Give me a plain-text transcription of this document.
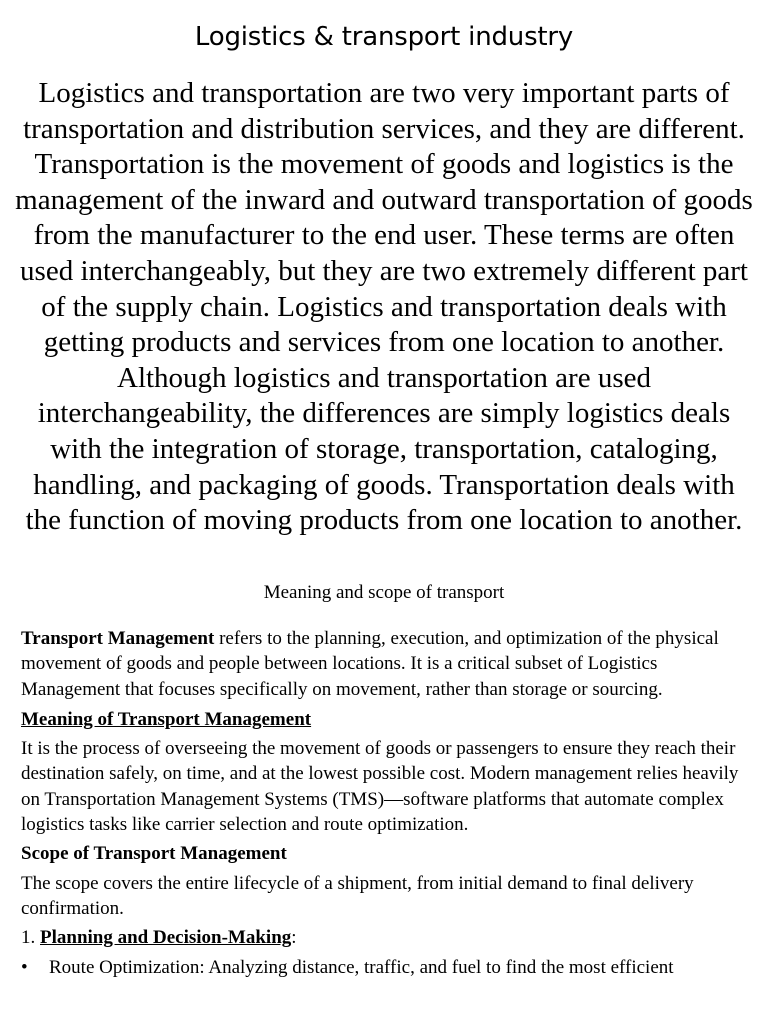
Logistics & transport industry
Logistics and transportation are two very important parts of transportation and distribution services, and they are different. Transportation is the movement of goods and logistics is the management of the inward and outward transportation of goods from the manufacturer to the end user. These terms are often used interchangeably, but they are two extremely different part of the supply chain. Logistics and transportation deals with getting products and services from one location to another. Although logistics and transportation are used interchangeability, the differences are simply logistics deals with the integration of storage, transportation, cataloging, handling, and packaging of goods. Transportation deals with the function of moving products from one location to another.
Meaning and scope of transport

Transport Management refers to the planning, execution, and optimization of the physical movement of goods and people between locations. It is a critical subset of Logistics Management that focuses specifically on movement, rather than storage or sourcing.

Meaning of Transport Management

It is the process of overseeing the movement of goods or passengers to ensure they reach their destination safely, on time, and at the lowest possible cost. Modern management relies heavily on Transportation Management Systems (TMS)—software platforms that automate complex logistics tasks like carrier selection and route optimization.

Scope of Transport Management

The scope covers the entire lifecycle of a shipment, from initial demand to final delivery confirmation.

1. Planning and Decision-Making:

• Route Optimization: Analyzing distance, traffic, and fuel to find the most efficient
